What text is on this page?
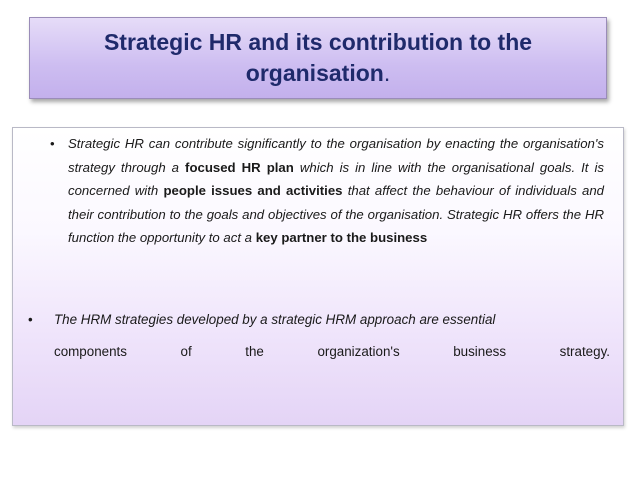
Strategic HR and its contribution to the organisation.
• Strategic HR can contribute significantly to the organisation by enacting the organisation's strategy through a focused HR plan which is in line with the organisational goals. It is concerned with people issues and activities that affect the behaviour of individuals and their contribution to the goals and objectives of the organisation. Strategic HR offers the HR function the opportunity to act a key partner to the business
• The HRM strategies developed by a strategic HRM approach are essential
components	of	the	organization's	business	strategy.
